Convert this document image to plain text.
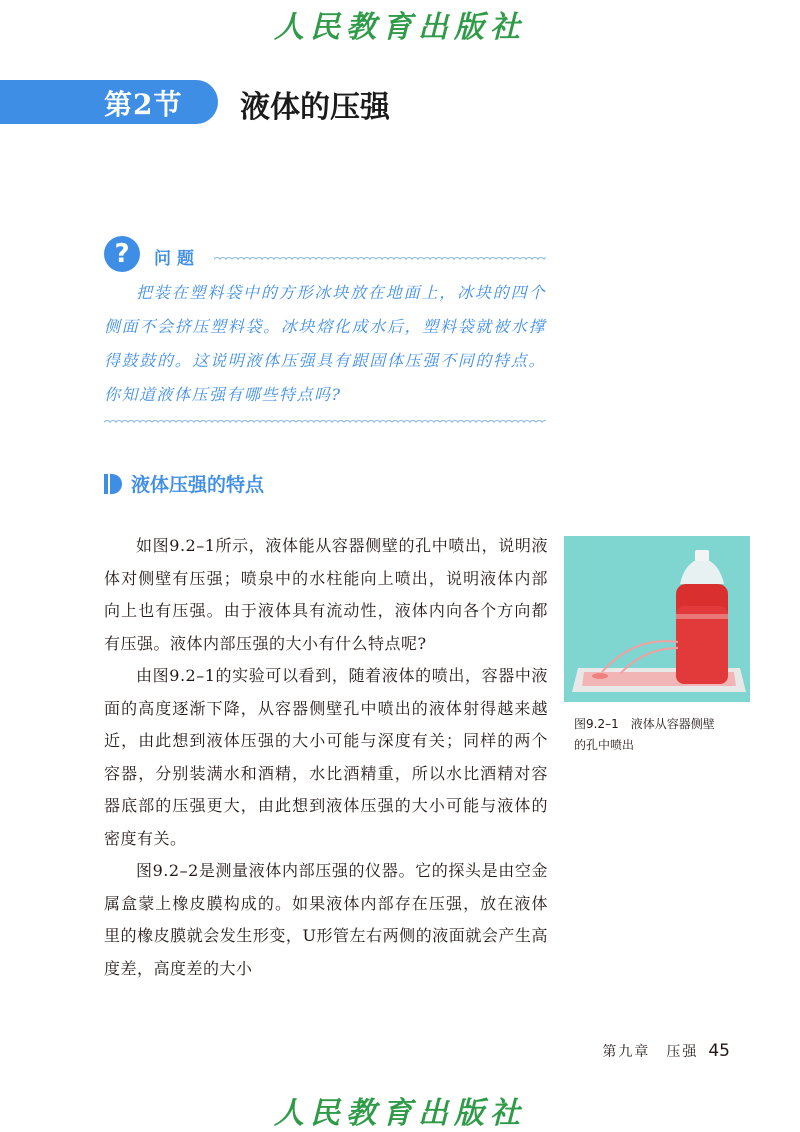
人民教育出版社
第2节 液体的压强
?	问题

把装在塑料袋中的方形冰块放在地面上，冰块的四个侧面不会挤压塑料袋。冰块熔化成水后，塑料袋就被水撑得鼓鼓的。这说明液体压强具有跟固体压强不同的特点。你知道液体压强有哪些特点吗?

液体压强的特点

如图9.2–1所示，液体能从容器侧壁的孔中喷出，说明液体对侧壁有压强；喷泉中的水柱能向上喷出，说明液体内部向上也有压强。由于液体具有流动性，液体内向各个方向都有压强。液体内部压强的大小有什么特点呢?

由图9.2–1的实验可以看到，随着液体的喷出，容器中液面的高度逐渐下降，从容器侧壁孔中喷出的液体射得越来越近，由此想到液体压强的大小可能与深度有关；同样的两个容器，分别装满水和酒精，水比酒精重，所以水比酒精对容器底部的压强更大，由此想到液体压强的大小可能与液体的密度有关。

图9.2–2是测量液体内部压强的仪器。它的探头是由空金属盒蒙上橡皮膜构成的。如果液体内部存在压强，放在液体里的橡皮膜就会发生形变，U形管左右两侧的液面就会产生高度差，高度差的大小

图9.2–1　液体从容器侧壁
的孔中喷出
第九章　压强 45
人民教育出版社
